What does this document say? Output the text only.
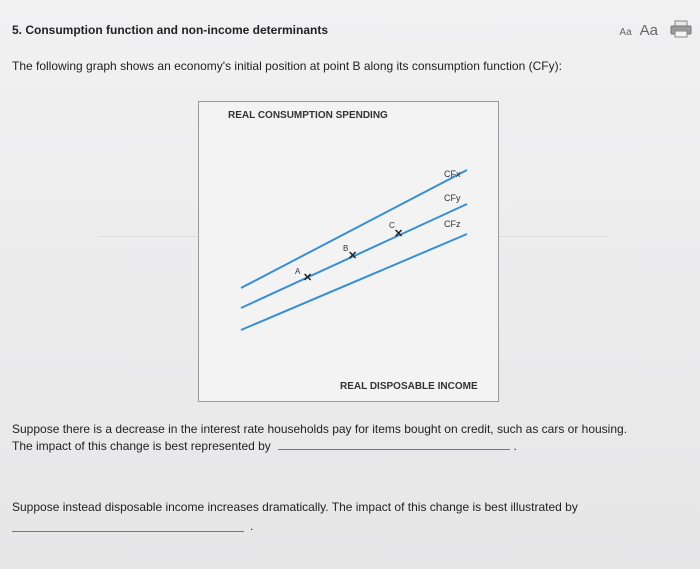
5. Consumption function and non-income determinants	Aa Aa
The following graph shows an economy's initial position at point B along its consumption function (CFy):
REAL CONSUMPTION SPENDING
CFx
CFy
CFz
A
✕
B
✕
C
✕
REAL DISPOSABLE INCOME
Suppose there is a decrease in the interest rate households pay for items bought on credit, such as cars or housing.
The impact of this change is best represented by	.
Suppose instead disposable income increases dramatically. The impact of this change is best illustrated by
.
